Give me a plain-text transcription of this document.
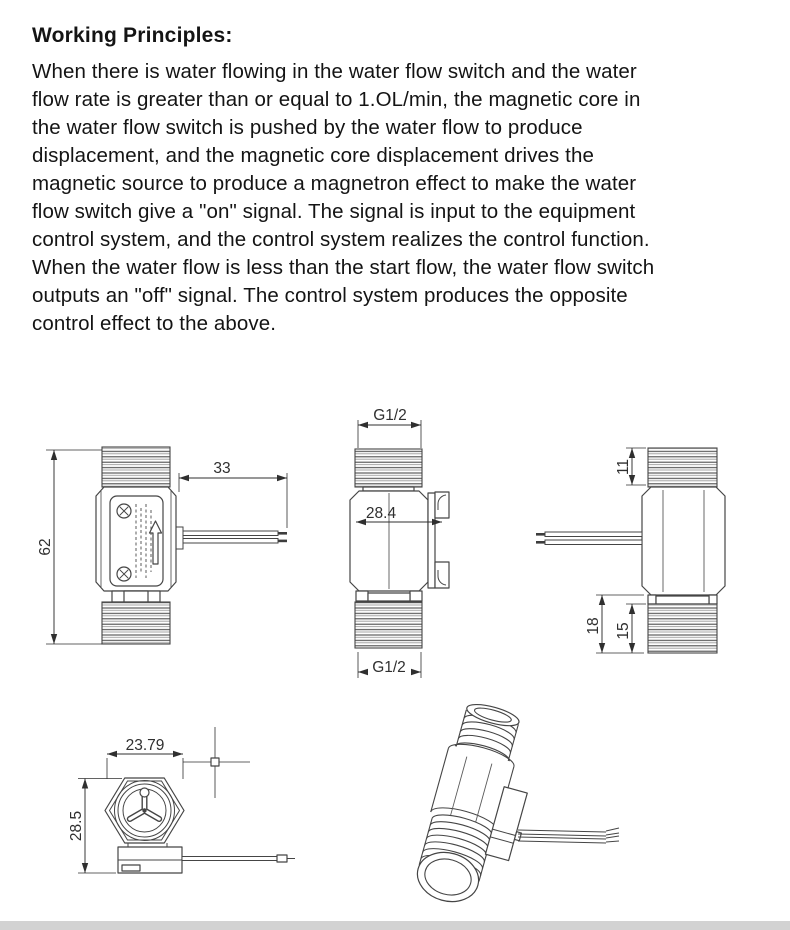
Working Principles:
When there is water flowing in the water flow switch and the water
flow rate is greater than or equal to 1.OL/min, the magnetic core in
the water flow switch is pushed by the water flow to produce
displacement, and the magnetic core displacement drives the
magnetic source to produce a magnetron effect to make the water
flow switch give a "on" signal. The signal is input to the equipment
control system, and the control system realizes the control function.
When the water flow is less than the start flow, the water flow switch
outputs an "off" signal. The control system produces the opposite
control effect to the above.
62
33
G1/2
28.4
G1/2
11
18 15
23.79
28.5
